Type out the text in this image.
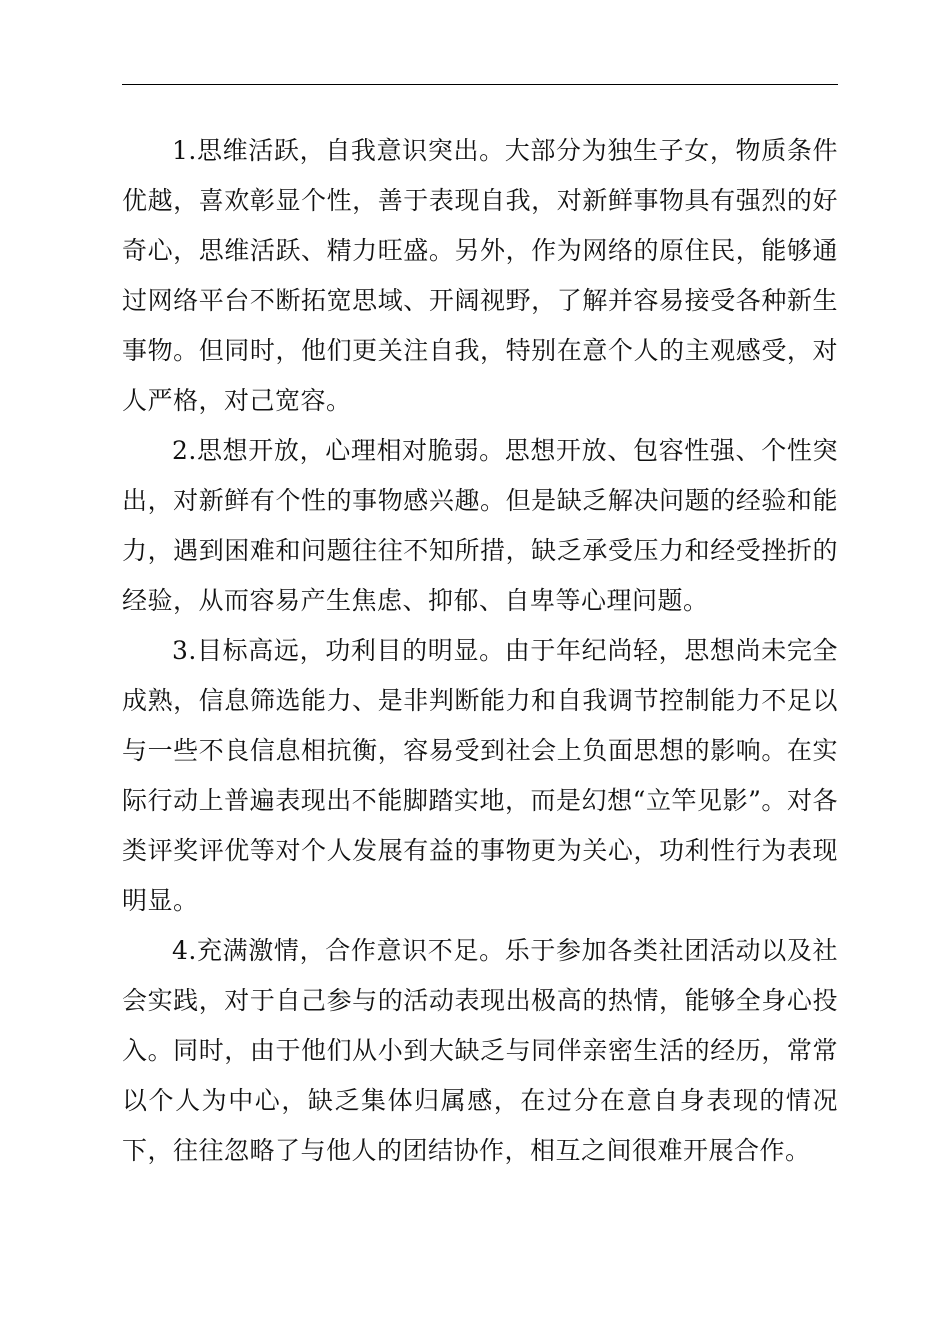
1.思维活跃，自我意识突出。大部分为独生子女，物质条件优越，喜欢彰显个性，善于表现自我，对新鲜事物具有强烈的好奇心，思维活跃、精力旺盛。另外，作为网络的原住民，能够通过网络平台不断拓宽思域、开阔视野，了解并容易接受各种新生事物。但同时，他们更关注自我，特别在意个人的主观感受，对人严格，对己宽容。

2.思想开放，心理相对脆弱。思想开放、包容性强、个性突出，对新鲜有个性的事物感兴趣。但是缺乏解决问题的经验和能力，遇到困难和问题往往不知所措，缺乏承受压力和经受挫折的经验，从而容易产生焦虑、抑郁、自卑等心理问题。

3.目标高远，功利目的明显。由于年纪尚轻，思想尚未完全成熟，信息筛选能力、是非判断能力和自我调节控制能力不足以与一些不良信息相抗衡，容易受到社会上负面思想的影响。在实际行动上普遍表现出不能脚踏实地，而是幻想“立竿见影”。对各类评奖评优等对个人发展有益的事物更为关心，功利性行为表现明显。

4.充满激情，合作意识不足。乐于参加各类社团活动以及社会实践，对于自己参与的活动表现出极高的热情，能够全身心投入。同时，由于他们从小到大缺乏与同伴亲密生活的经历，常常以个人为中心，缺乏集体归属感，在过分在意自身表现的情况下，往往忽略了与他人的团结协作，相互之间很难开展合作。
